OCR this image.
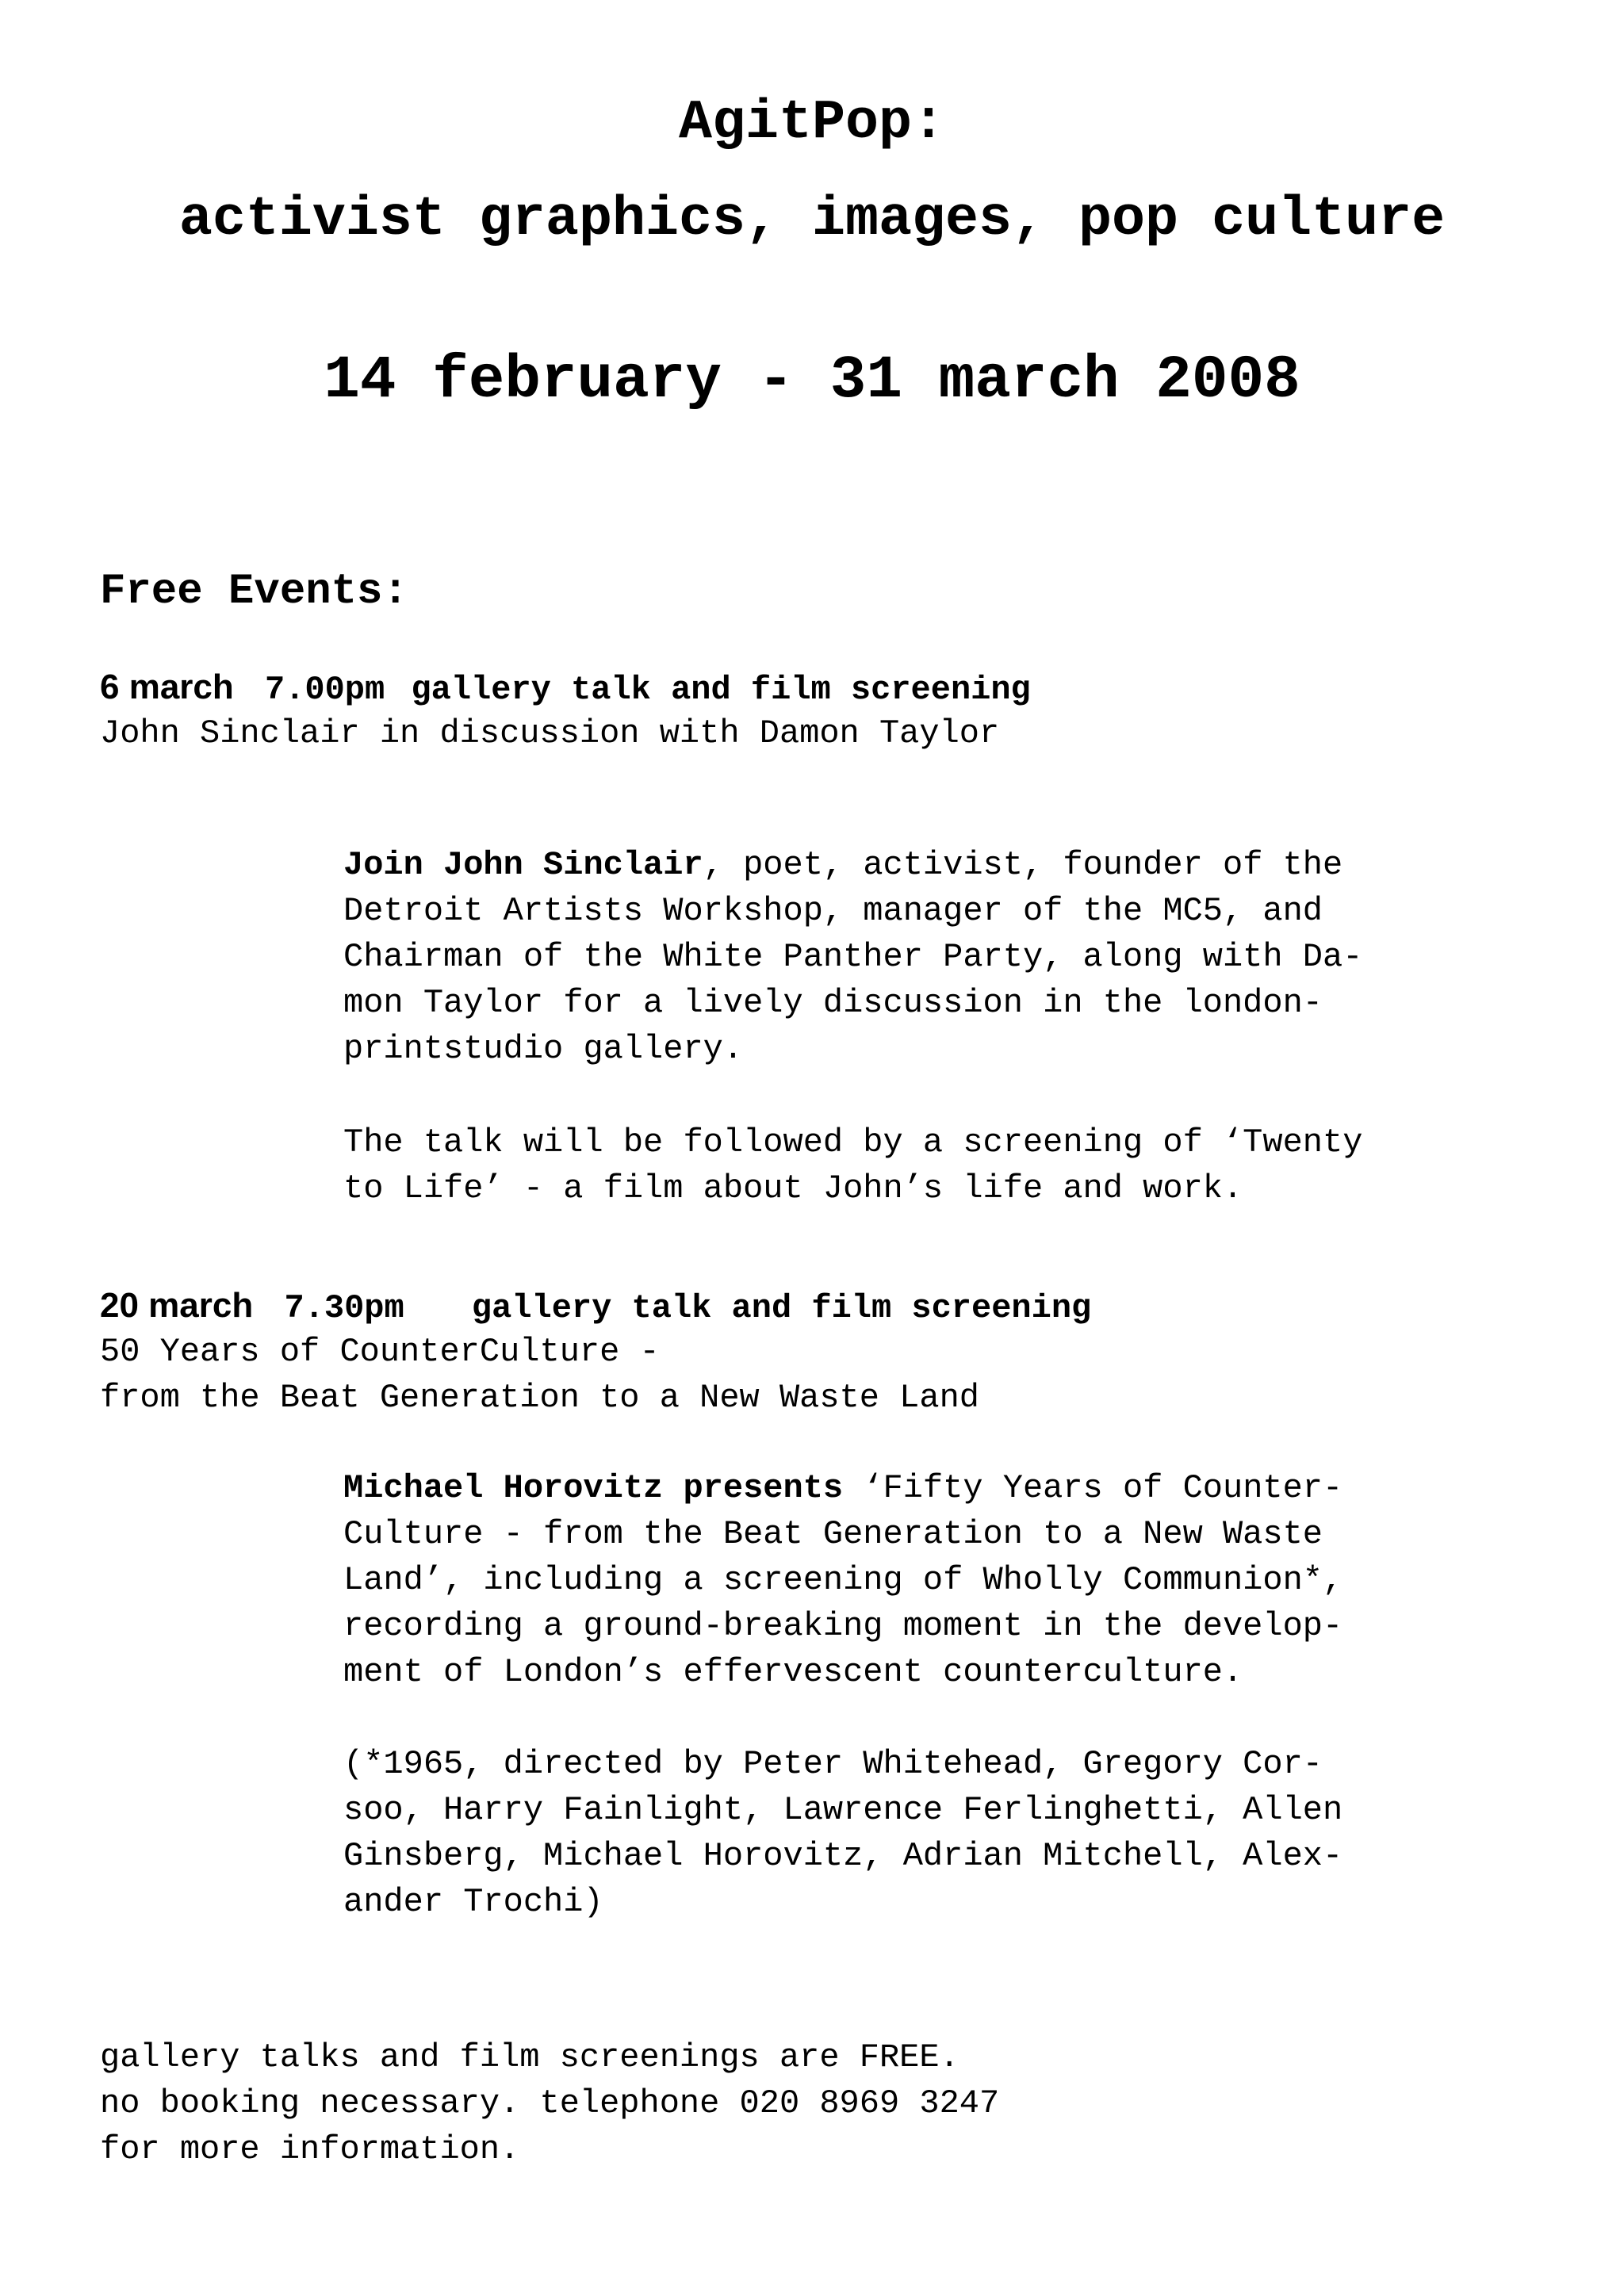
AgitPop:
activist graphics, images, pop culture
14 february - 31 march 2008
Free Events:
6 march 7.00pm gallery talk and film screening
John Sinclair in discussion with Damon Taylor
Join John Sinclair, poet, activist, founder of the
Detroit Artists Workshop, manager of the MC5, and
Chairman of the White Panther Party, along with Da-
mon Taylor for a lively discussion in the london-
printstudio gallery.
The talk will be followed by a screening of ‘Twenty
to Life’ - a film about John’s life and work.
20 march 7.30pm gallery talk and film screening
50 Years of CounterCulture -
from the Beat Generation to a New Waste Land
Michael Horovitz presents ‘Fifty Years of Counter-
Culture - from the Beat Generation to a New Waste
Land’, including a screening of Wholly Communion*,
recording a ground-breaking moment in the develop-
ment of London’s effervescent counterculture.
(*1965, directed by Peter Whitehead, Gregory Cor-
soo, Harry Fainlight, Lawrence Ferlinghetti, Allen
Ginsberg, Michael Horovitz, Adrian Mitchell, Alex-
ander Trochi)
gallery talks and film screenings are FREE.
no booking necessary. telephone 020 8969 3247
for more information.
